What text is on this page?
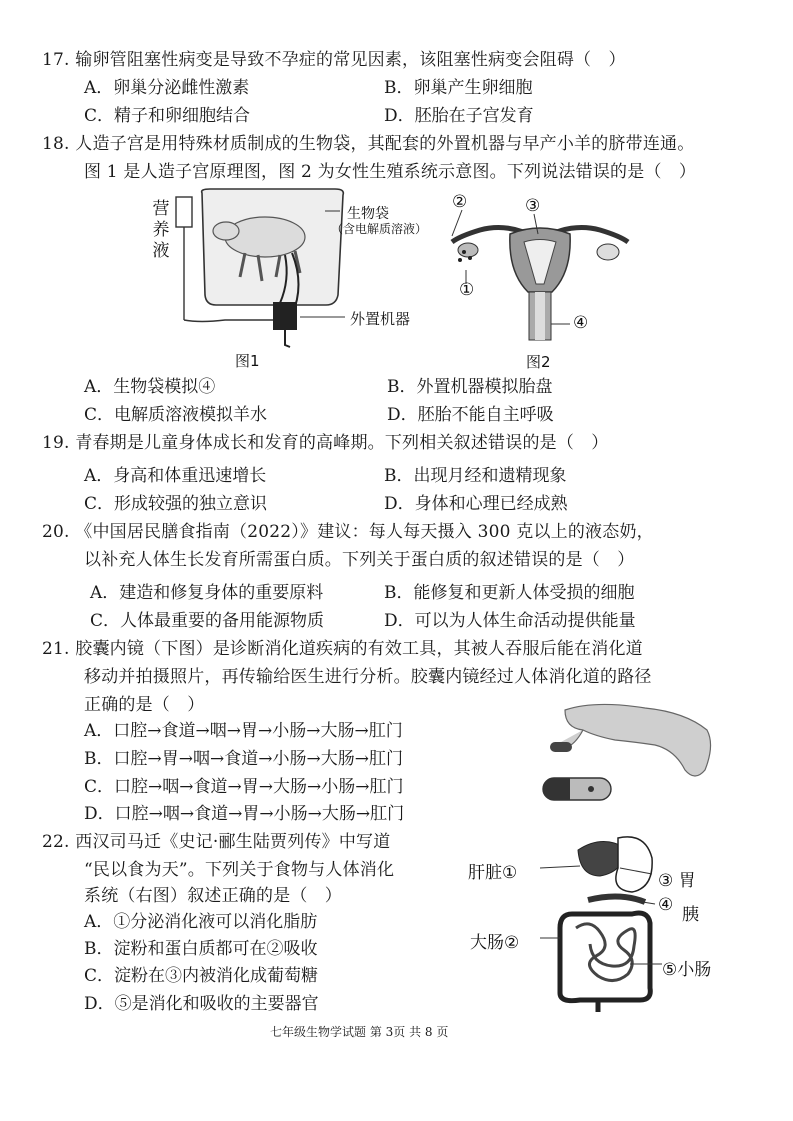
17. 输卵管阻塞性病变是导致不孕症的常见因素，该阻塞性病变会阻碍（　）
A．卵巢分泌雌性激素	B．卵巢产生卵细胞
C．精子和卵细胞结合	D．胚胎在子宫发育
18. 人造子宫是用特殊材质制成的生物袋，其配套的外置机器与早产小羊的脐带连通。
图 1 是人造子宫原理图，图 2 为女性生殖系统示意图。下列说法错误的是（　）
营
养
液
生物袋
（含电解质溶液）
外置机器
图1
②	③
①
④
图2
A．生物袋模拟④	B．外置机器模拟胎盘
C．电解质溶液模拟羊水	D．胚胎不能自主呼吸
19. 青春期是儿童身体成长和发育的高峰期。下列相关叙述错误的是（　）
A．身高和体重迅速增长	B．出现月经和遗精现象
C．形成较强的独立意识	D．身体和心理已经成熟
20. 《中国居民膳食指南（2022）》建议：每人每天摄入 300 克以上的液态奶，
以补充人体生长发育所需蛋白质。下列关于蛋白质的叙述错误的是（　）
A．建造和修复身体的重要原料	B．能修复和更新人体受损的细胞
C．人体最重要的备用能源物质	D．可以为人体生命活动提供能量
21. 胶囊内镜（下图）是诊断消化道疾病的有效工具，其被人吞服后能在消化道
移动并拍摄照片，再传输给医生进行分析。胶囊内镜经过人体消化道的路径
正确的是（　）
A．口腔→食道→咽→胃→小肠→大肠→肛门
B．口腔→胃→咽→食道→小肠→大肠→肛门
C．口腔→咽→食道→胃→大肠→小肠→肛门
D．口腔→咽→食道→胃→小肠→大肠→肛门
22. 西汉司马迁《史记·郦生陆贾列传》中写道
“民以食为天”。下列关于食物与人体消化
系统（右图）叙述正确的是（　）
A．①分泌消化液可以消化脂肪
B．淀粉和蛋白质都可在②吸收
C．淀粉在③内被消化成葡萄糖
D．⑤是消化和吸收的主要器官
肝脏①	③ 胃
④ 胰
大肠②
⑤小肠
七年级生物学试题 第 3页 共 8 页
